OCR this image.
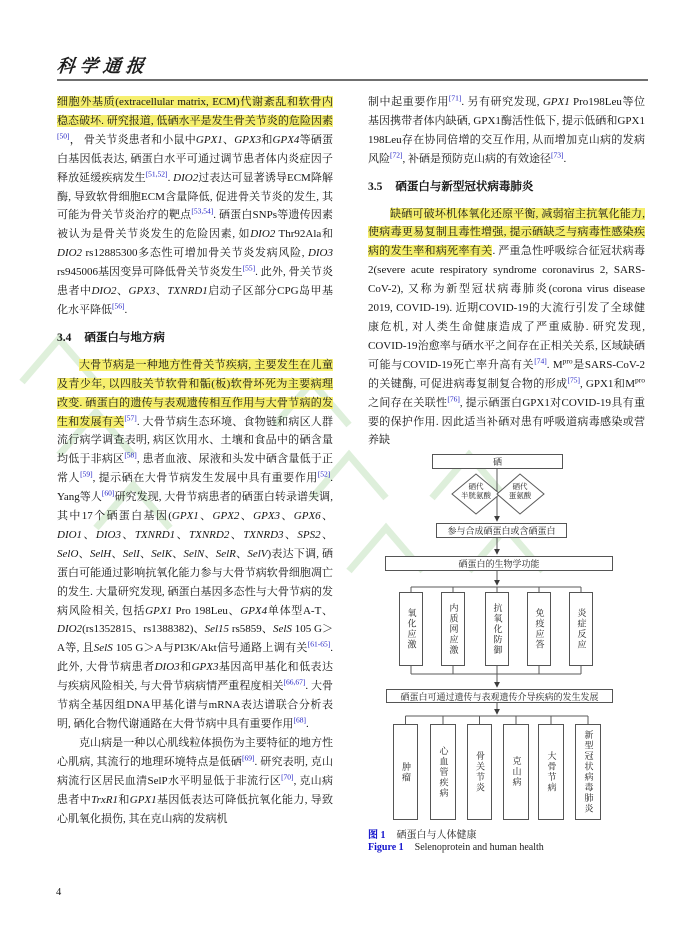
科学通报

细胞外基质(extracellular matrix, ECM)代谢紊乱和软骨内稳态破坏. 研究报道, 低硒水平是发生骨关节炎的危险因素[50]， 骨关节炎患者和小鼠中GPX1、GPX3和GPX4等硒蛋白基因低表达, 硒蛋白水平可通过调节患者体内炎症因子释放延缓疾病发生[51,52]. DIO2过表达可显著诱导ECM降解酶, 导致软骨细胞ECM含量降低, 促进骨关节炎的发生, 其可能为骨关节炎治疗的靶点[53,54]. 硒蛋白SNPs等遗传因素被认为是骨关节炎发生的危险因素, 如DIO2 Thr92Ala和DIO2 rs12885300多态性可增加骨关节炎发病风险, DIO3 rs945006基因变异可降低骨关节炎发生[55]. 此外, 骨关节炎患者中DIO2、GPX3、TXNRD1启动子区部分CPG岛甲基化水平降低[56].

3.4 硒蛋白与地方病

大骨节病是一种地方性骨关节疾病, 主要发生在儿童及青少年, 以四肢关节软骨和骺(板)软骨坏死为主要病理改变. 硒蛋白的遗传与表观遗传相互作用与大骨节病的发生和发展有关[57]. 大骨节病生态环境、食物链和病区人群流行病学调查表明, 病区饮用水、土壤和食品中的硒含量均低于非病区[58], 患者血液、尿液和头发中硒含量低于正常人[59], 提示硒在大骨节病发生发展中具有重要作用[52]. Yang等人[60]研究发现, 大骨节病患者的硒蛋白转录谱失调, 其中17个硒蛋白基因(GPX1、GPX2、GPX3、GPX6、DIO1、DIO3、TXNRD1、TXNRD2、TXNRD3、SPS2、SelO、SelH、SelI、SelK、SelN、SelR、SelV)表达下调, 硒蛋白可能通过影响抗氧化能力参与大骨节病软骨细胞凋亡的发生. 大量研究发现, 硒蛋白基因多态性与大骨节病的发病风险相关, 包括GPX1 Pro 198Leu、GPX4单体型A-T、DIO2(rs1352815、rs1388382)、Sel15 rs5859、SelS 105 G＞A等, 且SelS 105 G＞A与PI3K/Akt信号通路上调有关[61-65]. 此外, 大骨节病患者DIO3和GPX3基因高甲基化和低表达与疾病风险相关, 与大骨节病病情严重程度相关[66,67]. 大骨节病全基因组DNA甲基化谱与mRNA表达谱联合分析表明, 硒化合物代谢通路在大骨节病中具有重要作用[68].

克山病是一种以心肌线粒体损伤为主要特征的地方性心肌病, 其流行的地理环境特点是低硒[69]. 研究表明, 克山病流行区居民血清SelP水平明显低于非流行区[70], 克山病患者中TrxR1和GPX1基因低表达可降低抗氧化能力, 导致心肌氧化损伤, 其在克山病的发病机

制中起重要作用[71]. 另有研究发现, GPX1 Pro198Leu等位基因携带者体内缺硒, GPX1酶活性低下, 提示低硒和GPX1 198Leu存在协同倍增的交互作用, 从而增加克山病的发病风险[72], 补硒是预防克山病的有效途径[73].

3.5 硒蛋白与新型冠状病毒肺炎

缺硒可破坏机体氧化还原平衡, 减弱宿主抗氧化能力, 使病毒更易复制且毒性增强, 提示硒缺乏与病毒性感染疾病的发生率和病死率有关. 严重急性呼吸综合征冠状病毒2(severe acute respiratory syndrome coronavirus 2, SARS-CoV-2), 又称为新型冠状病毒肺炎(corona virus disease 2019, COVID-19). 近期COVID-19的大流行引发了全球健康危机, 对人类生命健康造成了严重威胁. 研究发现, COVID-19治愈率与硒水平之间存在正相关关系, 区域缺硒可能与COVID-19死亡率升高有关[74]. $M^{pro}$是SARS-CoV-2的关键酶, 可促进病毒复制复合物的形成[75], GPX1和$M^{pro}$之间存在关联性[76], 提示硒蛋白GPX1对COVID-19具有重要的保护作用. 因此适当补硒对患有呼吸道病毒感染或营养缺

硒
硒代
半胱氨酸
硒代
蛋氨酸
参与合成硒蛋白或含硒蛋白
硒蛋白的生物学功能
氧化应激	内质网应激	抗氧化防御	免疫应答	炎症反应
硒蛋白可通过遗传与表观遗传介导疾病的发生发展
肿瘤	心血管疾病	骨关节炎	克山病	大骨节病	新型冠状病毒肺炎
图 1 硒蛋白与人体健康
Figure 1 Selenoprotein and human health
4
